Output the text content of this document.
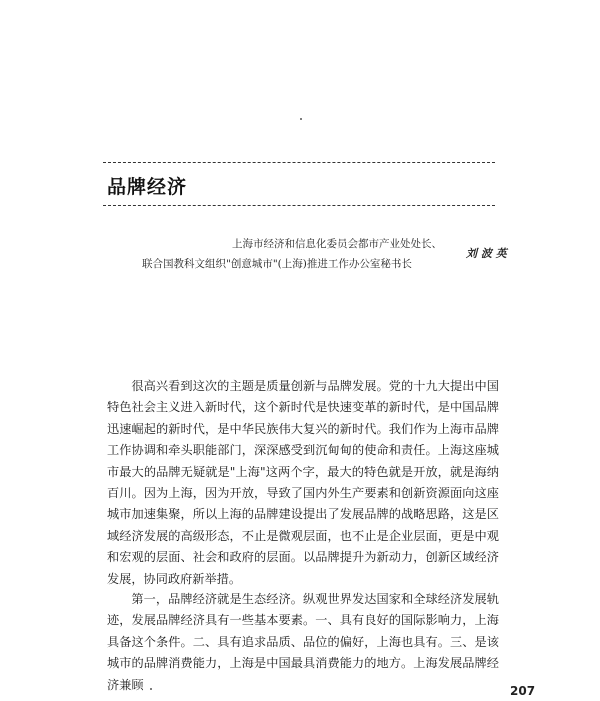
品牌经济
上海市经济和信息化委员会都市产业处处长、
联合国教科文组织"创意城市"(上海)推进工作办公室秘书长
刘 波 英
很高兴看到这次的主题是质量创新与品牌发展。党的十九大提出中国特色社会主义进入新时代，这个新时代是快速变革的新时代，是中国品牌迅速崛起的新时代，是中华民族伟大复兴的新时代。我们作为上海市品牌工作协调和牵头职能部门，深深感受到沉甸甸的使命和责任。上海这座城市最大的品牌无疑就是"上海"这两个字，最大的特色就是开放，就是海纳百川。因为上海，因为开放，导致了国内外生产要素和创新资源面向这座城市加速集聚，所以上海的品牌建设提出了发展品牌的战略思路，这是区域经济发展的高级形态，不止是微观层面，也不止是企业层面，更是中观和宏观的层面、社会和政府的层面。以品牌提升为新动力，创新区域经济发展，协同政府新举措。
第一，品牌经济就是生态经济。纵观世界发达国家和全球经济发展轨迹，发展品牌经济具有一些基本要素。一、具有良好的国际影响力，上海具备这个条件。二、具有追求品质、品位的偏好，上海也具有。三、是该城市的品牌消费能力，上海是中国最具消费能力的地方。上海发展品牌经济兼顾	207
